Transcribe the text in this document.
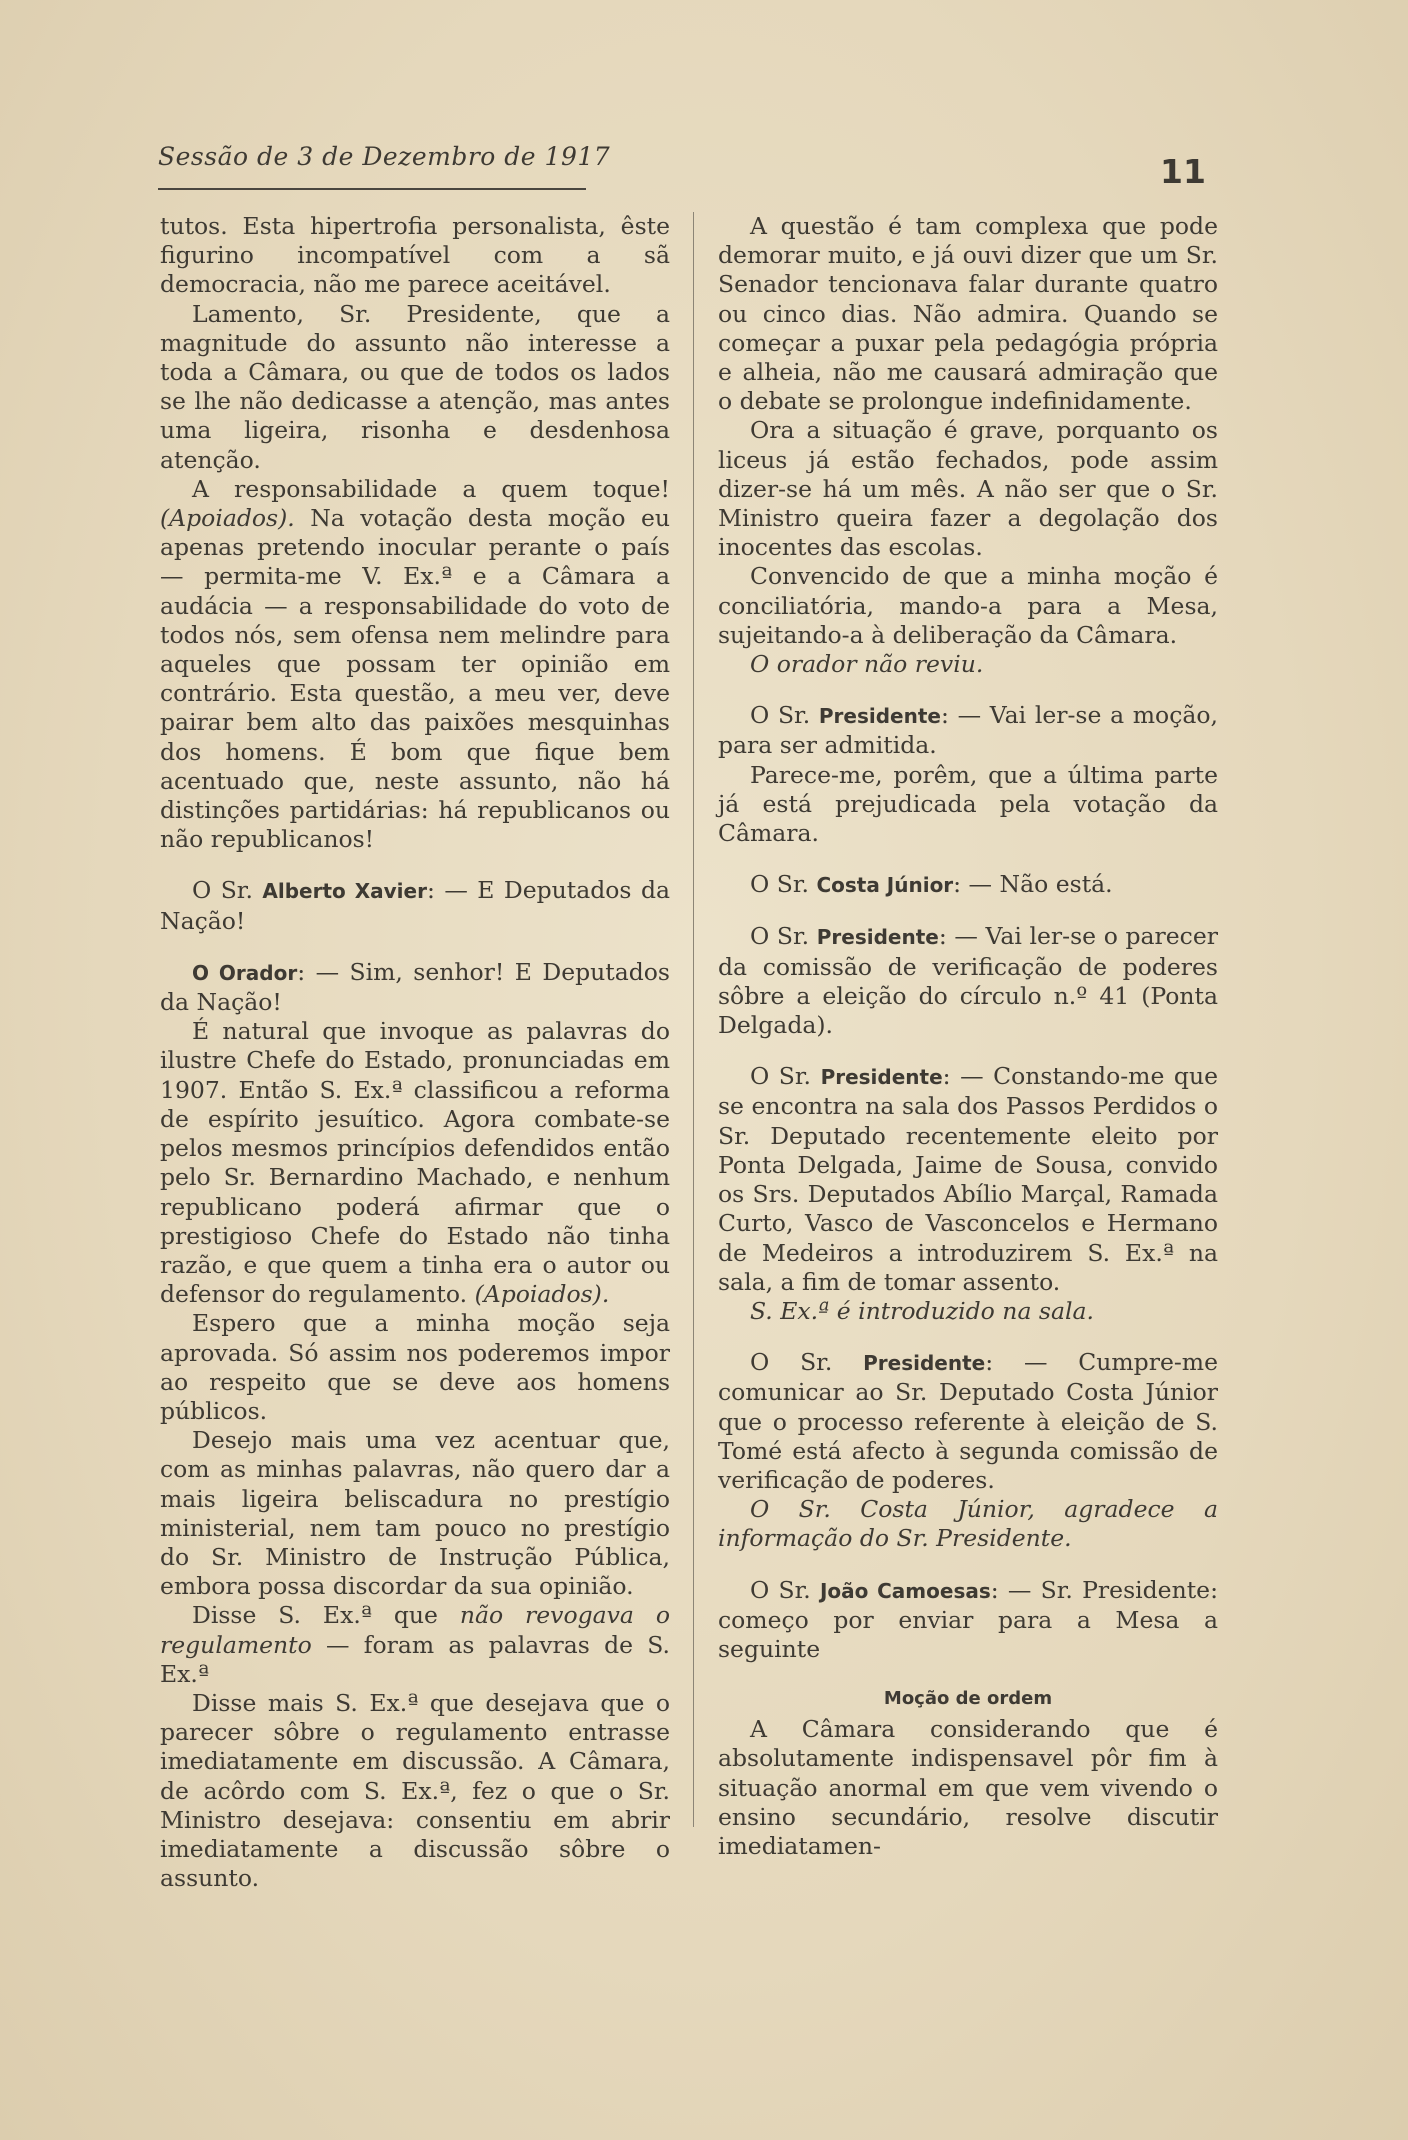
Sessão de 3 de Dezembro de 1917	11

tutos. Esta hipertrofia personalista, êste figurino incompatível com a sã democracia, não me parece aceitável.

Lamento, Sr. Presidente, que a magnitude do assunto não interesse a toda a Câmara, ou que de todos os lados se lhe não dedicasse a atenção, mas antes uma ligeira, risonha e desdenhosa atenção.

A responsabilidade a quem toque! (Apoiados). Na votação desta moção eu apenas pretendo inocular perante o país — permita-me V. Ex.ª e a Câmara a audácia — a responsabilidade do voto de todos nós, sem ofensa nem melindre para aqueles que possam ter opinião em contrário. Esta questão, a meu ver, deve pairar bem alto das paixões mesquinhas dos homens. É bom que fique bem acentuado que, neste assunto, não há distinções partidárias: há republicanos ou não republicanos!

O Sr. Alberto Xavier: — E Deputados da Nação!

O Orador: — Sim, senhor! E Deputados da Nação!

É natural que invoque as palavras do ilustre Chefe do Estado, pronunciadas em 1907. Então S. Ex.ª classificou a reforma de espírito jesuítico. Agora combate-se pelos mesmos princípios defendidos então pelo Sr. Bernardino Machado, e nenhum republicano poderá afirmar que o prestigioso Chefe do Estado não tinha razão, e que quem a tinha era o autor ou defensor do regulamento. (Apoiados).

Espero que a minha moção seja aprovada. Só assim nos poderemos impor ao respeito que se deve aos homens públicos.

Desejo mais uma vez acentuar que, com as minhas palavras, não quero dar a mais ligeira beliscadura no prestígio ministerial, nem tam pouco no prestígio do Sr. Ministro de Instrução Pública, embora possa discordar da sua opinião.

Disse S. Ex.ª que não revogava o regulamento — foram as palavras de S. Ex.ª

Disse mais S. Ex.ª que desejava que o parecer sôbre o regulamento entrasse imediatamente em discussão. A Câmara, de acôrdo com S. Ex.ª, fez o que o Sr. Ministro desejava: consentiu em abrir imediatamente a discussão sôbre o assunto.

A questão é tam complexa que pode demorar muito, e já ouvi dizer que um Sr. Senador tencionava falar durante quatro ou cinco dias. Não admira. Quando se começar a puxar pela pedagógia própria e alheia, não me causará admiração que o debate se prolongue indefinidamente.

Ora a situação é grave, porquanto os liceus já estão fechados, pode assim dizer-se há um mês. A não ser que o Sr. Ministro queira fazer a degolação dos inocentes das escolas.

Convencido de que a minha moção é conciliatória, mando-a para a Mesa, sujeitando-a à deliberação da Câmara.

O orador não reviu.

O Sr. Presidente: — Vai ler-se a moção, para ser admitida.

Parece-me, porêm, que a última parte já está prejudicada pela votação da Câmara.

O Sr. Costa Júnior: — Não está.

O Sr. Presidente: — Vai ler-se o parecer da comissão de verificação de poderes sôbre a eleição do círculo n.º 41 (Ponta Delgada).

O Sr. Presidente: — Constando-me que se encontra na sala dos Passos Perdidos o Sr. Deputado recentemente eleito por Ponta Delgada, Jaime de Sousa, convido os Srs. Deputados Abílio Marçal, Ramada Curto, Vasco de Vasconcelos e Hermano de Medeiros a introduzirem S. Ex.ª na sala, a fim de tomar assento.

S. Ex.ª é introduzido na sala.

O Sr. Presidente: — Cumpre-me comunicar ao Sr. Deputado Costa Júnior que o processo referente à eleição de S. Tomé está afecto à segunda comissão de verificação de poderes.

O Sr. Costa Júnior, agradece a informação do Sr. Presidente.

O Sr. João Camoesas: — Sr. Presidente: começo por enviar para a Mesa a seguinte

Moção de ordem

A Câmara considerando que é absolutamente indispensavel pôr fim à situação anormal em que vem vivendo o ensino secundário, resolve discutir imediatamen-
